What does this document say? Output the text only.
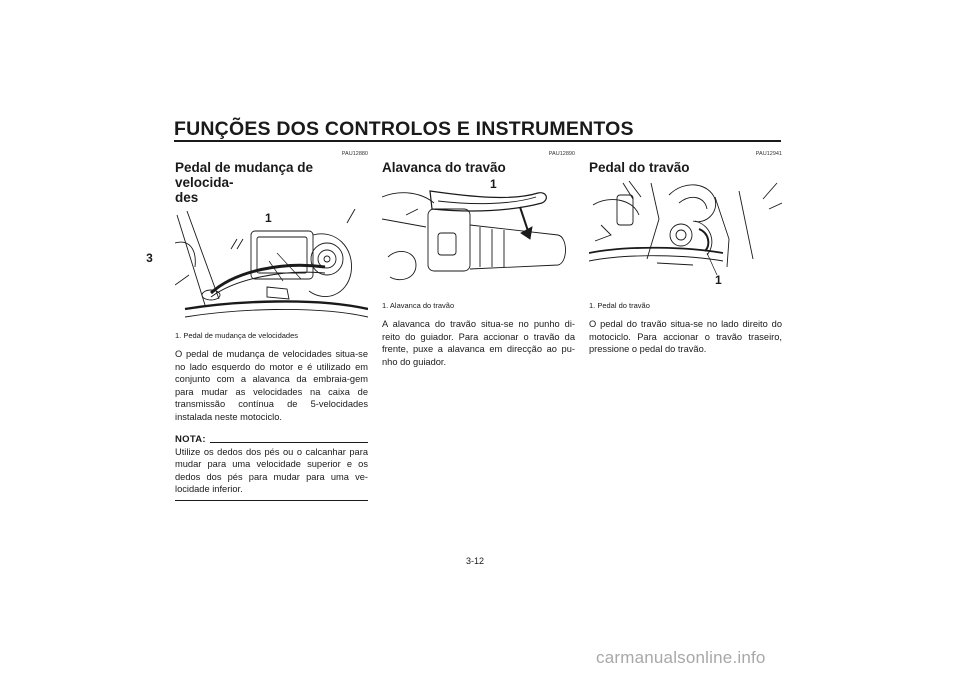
FUNÇÕES DOS CONTROLOS E INSTRUMENTOS
3
PAU12880
Pedal de mudança de velocida-
des
1
1. Pedal de mudança de velocidades

O pedal de mudança de velocidades situa-se no lado esquerdo do motor e é utilizado em conjunto com a alavanca da embraia-gem para mudar as velocidades na caixa de transmissão contínua de 5-velocidades instalada neste motociclo.

NOTA:

Utilize os dedos dos pés ou o calcanhar para mudar para uma velocidade superior e os dedos dos pés para mudar para uma ve-locidade inferior.

PAU12890
Alavanca do travão
1
1. Alavanca do travão

A alavanca do travão situa-se no punho di-reito do guiador. Para accionar o travão da frente, puxe a alavanca em direcção ao pu-nho do guiador.

PAU12941
Pedal do travão
1
1. Pedal do travão

O pedal do travão situa-se no lado direito do motociclo. Para accionar o travão traseiro, pressione o pedal do travão.

3-12
carmanualsonline.info
